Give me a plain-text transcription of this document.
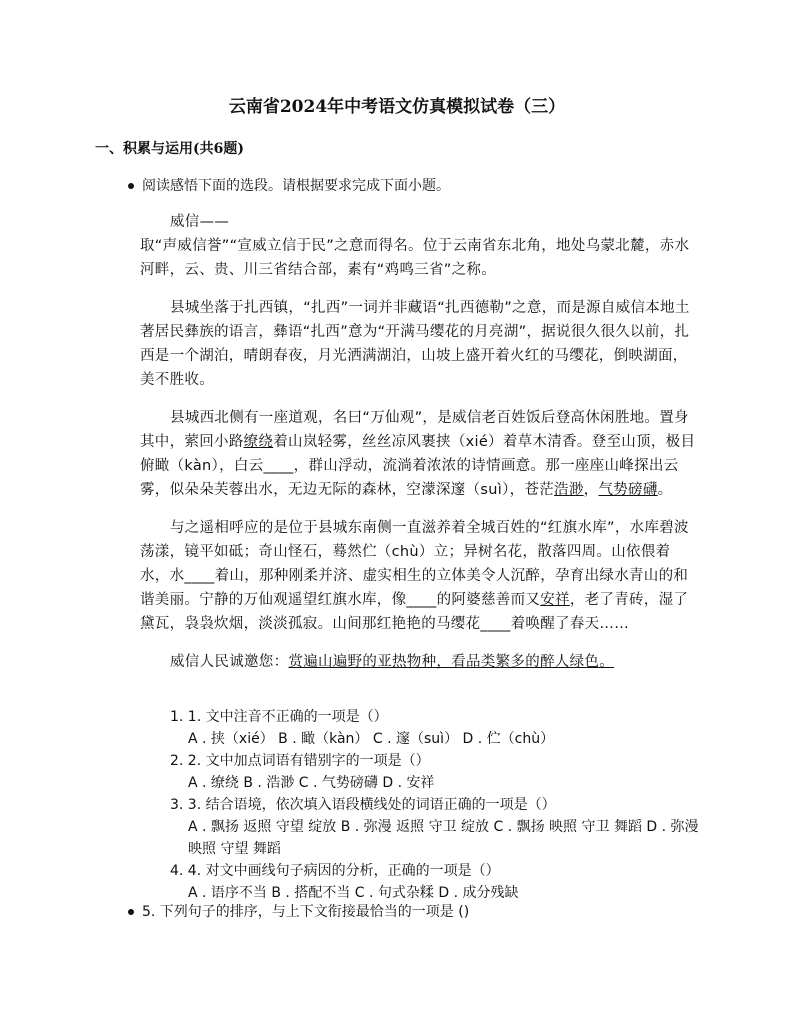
云南省2024年中考语文仿真模拟试卷（三）
一、积累与运用(共6题)
阅读感悟下面的选段。请根据要求完成下面小题。
威信——
取“声威信誉”“宣威立信于民”之意而得名。位于云南省东北角，地处乌蒙北麓，赤水河畔，云、贵、川三省结合部，素有“鸡鸣三省”之称。
县城坐落于扎西镇，“扎西”一词并非藏语“扎西德勒”之意，而是源自威信本地土著居民彝族的语言，彝语“扎西”意为“开满马缨花的月亮湖”，据说很久很久以前，扎西是一个湖泊，晴朗春夜，月光洒满湖泊，山坡上盛开着火红的马缨花，倒映湖面，美不胜收。
县城西北侧有一座道观，名曰“万仙观”，是威信老百姓饭后登高休闲胜地。置身其中，萦回小路缭绕着山岚轻雾，丝丝凉风裹挟（xié）着草木清香。登至山顶，极目俯瞰（kàn），白云____，群山浮动，流淌着浓浓的诗情画意。那一座座山峰探出云雾，似朵朵芙蓉出水，无边无际的森林，空濛深邃（suì），苍茫浩渺，气势磅礴。
与之遥相呼应的是位于县城东南侧一直滋养着全城百姓的“红旗水库”，水库碧波荡漾，镜平如砥；奇山怪石，蓦然伫（chù）立；异树名花，散落四周。山依偎着水，水____着山，那种刚柔并济、虚实相生的立体美令人沉醉，孕育出绿水青山的和谐美丽。宁静的万仙观遥望红旗水库，像____的阿婆慈善而又安祥，老了青砖，湿了黛瓦，袅袅炊烟，淡淡孤寂。山间那红艳艳的马缨花____着唤醒了春天……
威信人民诚邀您：赏遍山遍野的亚热物种，看品类繁多的醉人绿色。
1. 1. 文中注音不正确的一项是（）
A . 挟（xié） B . 瞰（kàn） C . 邃（suì） D . 伫（chù）
2. 2. 文中加点词语有错别字的一项是（）
A . 缭绕 B . 浩渺 C . 气势磅礴 D . 安祥
3. 3. 结合语境，依次填入语段横线处的词语正确的一项是（）
A . 飘扬 返照 守望 绽放 B . 弥漫 返照 守卫 绽放 C . 飘扬 映照 守卫 舞蹈 D . 弥漫 映照 守望 舞蹈
4. 4. 对文中画线句子病因的分析，正确的一项是（）
A . 语序不当 B . 搭配不当 C . 句式杂糅 D . 成分残缺
5. 下列句子的排序，与上下文衔接最恰当的一项是 ()
